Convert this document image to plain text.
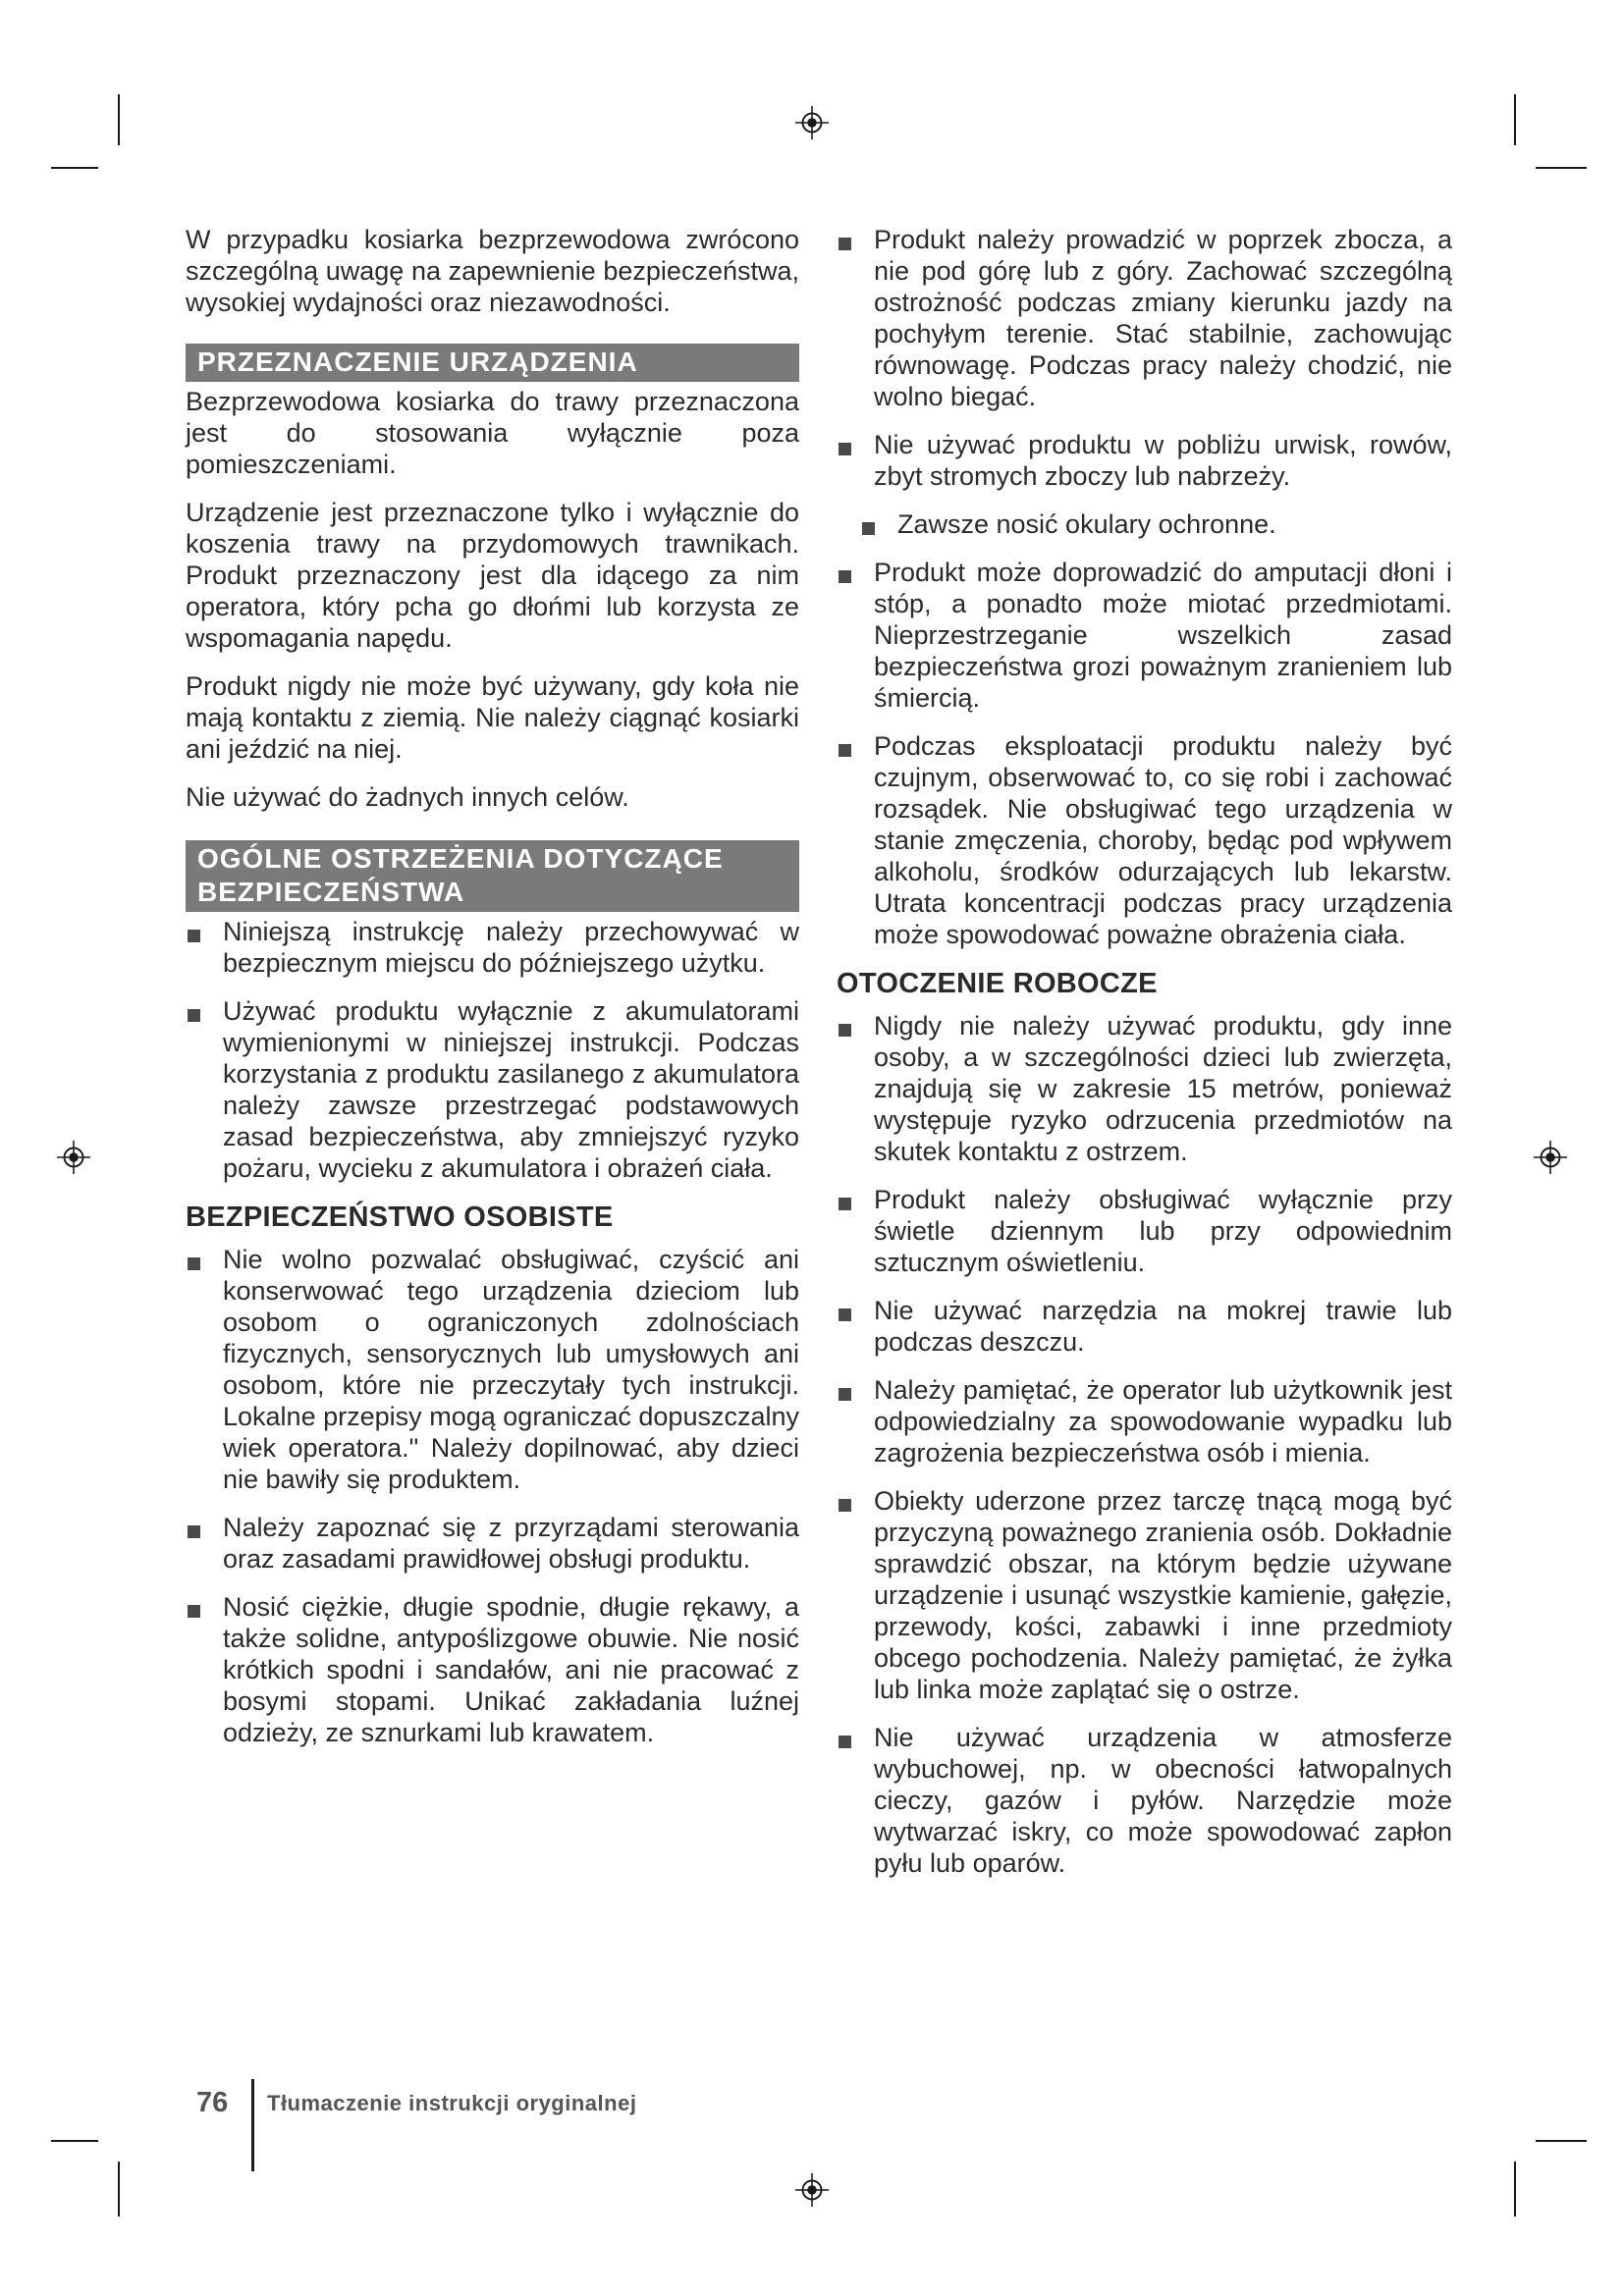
W przypadku kosiarka bezprzewodowa zwrócono szczególną uwagę na zapewnienie bezpieczeństwa, wysokiej wydajności oraz niezawodności.

PRZEZNACZENIE URZĄDZENIA

Bezprzewodowa kosiarka do trawy przeznaczona jest do stosowania wyłącznie poza pomieszczeniami.

Urządzenie jest przeznaczone tylko i wyłącznie do koszenia trawy na przydomowych trawnikach. Produkt przeznaczony jest dla idącego za nim operatora, który pcha go dłońmi lub korzysta ze wspomagania napędu.

Produkt nigdy nie może być używany, gdy koła nie mają kontaktu z ziemią. Nie należy ciągnąć kosiarki ani jeździć na niej.

Nie używać do żadnych innych celów.

OGÓLNE OSTRZEŻENIA DOTYCZĄCE
BEZPIECZEŃSTWA
Niniejszą instrukcję należy przechowywać w bezpiecznym miejscu do późniejszego użytku.
Używać produktu wyłącznie z akumulatorami wymienionymi w niniejszej instrukcji. Podczas korzystania z produktu zasilanego z akumulatora należy zawsze przestrzegać podstawowych zasad bezpieczeństwa, aby zmniejszyć ryzyko pożaru, wycieku z akumulatora i obrażeń ciała.
BEZPIECZEŃSTWO OSOBISTE
Nie wolno pozwalać obsługiwać, czyścić ani konserwować tego urządzenia dzieciom lub osobom o ograniczonych zdolnościach fizycznych, sensorycznych lub umysłowych ani osobom, które nie przeczytały tych instrukcji. Lokalne przepisy mogą ograniczać dopuszczalny wiek operatora." Należy dopilnować, aby dzieci nie bawiły się produktem.
Należy zapoznać się z przyrządami sterowania oraz zasadami prawidłowej obsługi produktu.
Nosić ciężkie, długie spodnie, długie rękawy, a także solidne, antypoślizgowe obuwie. Nie nosić krótkich spodni i sandałów, ani nie pracować z bosymi stopami. Unikać zakładania luźnej odzieży, ze sznurkami lub krawatem.
Produkt należy prowadzić w poprzek zbocza, a nie pod górę lub z góry. Zachować szczególną ostrożność podczas zmiany kierunku jazdy na pochyłym terenie. Stać stabilnie, zachowując równowagę. Podczas pracy należy chodzić, nie wolno biegać.
Nie używać produktu w pobliżu urwisk, rowów, zbyt stromych zboczy lub nabrzeży.
Zawsze nosić okulary ochronne.
Produkt może doprowadzić do amputacji dłoni i stóp, a ponadto może miotać przedmiotami. Nieprzestrzeganie wszelkich zasad bezpieczeństwa grozi poważnym zranieniem lub śmiercią.
Podczas eksploatacji produktu należy być czujnym, obserwować to, co się robi i zachować rozsądek. Nie obsługiwać tego urządzenia w stanie zmęczenia, choroby, będąc pod wpływem alkoholu, środków odurzających lub lekarstw. Utrata koncentracji podczas pracy urządzenia może spowodować poważne obrażenia ciała.
OTOCZENIE ROBOCZE
Nigdy nie należy używać produktu, gdy inne osoby, a w szczególności dzieci lub zwierzęta, znajdują się w zakresie 15 metrów, ponieważ występuje ryzyko odrzucenia przedmiotów na skutek kontaktu z ostrzem.
Produkt należy obsługiwać wyłącznie przy świetle dziennym lub przy odpowiednim sztucznym oświetleniu.
Nie używać narzędzia na mokrej trawie lub podczas deszczu.
Należy pamiętać, że operator lub użytkownik jest odpowiedzialny za spowodowanie wypadku lub zagrożenia bezpieczeństwa osób i mienia.
Obiekty uderzone przez tarczę tnącą mogą być przyczyną poważnego zranienia osób. Dokładnie sprawdzić obszar, na którym będzie używane urządzenie i usunąć wszystkie kamienie, gałęzie, przewody, kości, zabawki i inne przedmioty obcego pochodzenia. Należy pamiętać, że żyłka lub linka może zaplątać się o ostrze.
Nie używać urządzenia w atmosferze wybuchowej, np. w obecności łatwopalnych cieczy, gazów i pyłów. Narzędzie może wytwarzać iskry, co może spowodować zapłon pyłu lub oparów.
76 Tłumaczenie instrukcji oryginalnej
